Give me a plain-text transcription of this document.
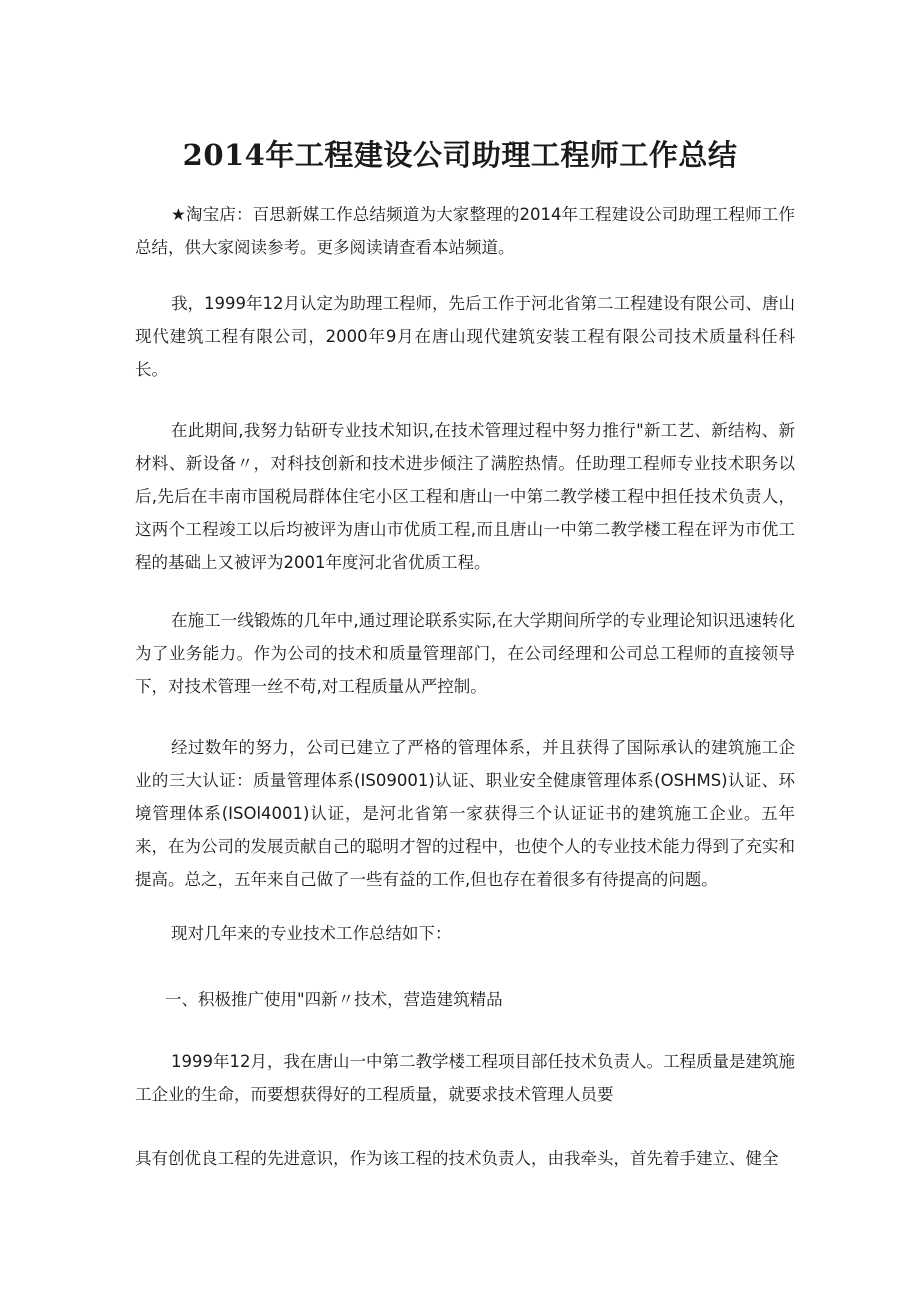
2014年工程建设公司助理工程师工作总结

★淘宝店：百思新媒工作总结频道为大家整理的2014年工程建设公司助理工程师工作总结，供大家阅读参考。更多阅读请查看本站频道。

我，1999年12月认定为助理工程师，先后工作于河北省第二工程建设有限公司、唐山现代建筑工程有限公司，2000年9月在唐山现代建筑安装工程有限公司技术质量科任科长。

在此期间,我努力钻研专业技术知识,在技术管理过程中努力推行"新工艺、新结构、新材料、新设备〃，对科技创新和技术进步倾注了满腔热情。任助理工程师专业技术职务以后,先后在丰南市国税局群体住宅小区工程和唐山一中第二教学楼工程中担任技术负责人，这两个工程竣工以后均被评为唐山市优质工程,而且唐山一中第二教学楼工程在评为市优工程的基础上又被评为2001年度河北省优质工程。

在施工一线锻炼的几年中,通过理论联系实际,在大学期间所学的专业理论知识迅速转化为了业务能力。作为公司的技术和质量管理部门，在公司经理和公司总工程师的直接领导下，对技术管理一丝不苟,对工程质量从严控制。

经过数年的努力，公司已建立了严格的管理体系，并且获得了国际承认的建筑施工企业的三大认证：质量管理体系(IS09001)认证、职业安全健康管理体系(OSHMS)认证、环境管理体系(ISOl4001)认证，是河北省第一家获得三个认证证书的建筑施工企业。五年来，在为公司的发展贡献自己的聪明才智的过程中，也使个人的专业技术能力得到了充实和提高。总之，五年来自己做了一些有益的工作,但也存在着很多有待提高的问题。

现对几年来的专业技术工作总结如下：

一、积极推广使用"四新〃技术，营造建筑精品

1999年12月，我在唐山一中第二教学楼工程项目部任技术负责人。工程质量是建筑施工企业的生命，而要想获得好的工程质量，就要求技术管理人员要

具有创优良工程的先进意识，作为该工程的技术负责人，由我牵头，首先着手建立、健全
